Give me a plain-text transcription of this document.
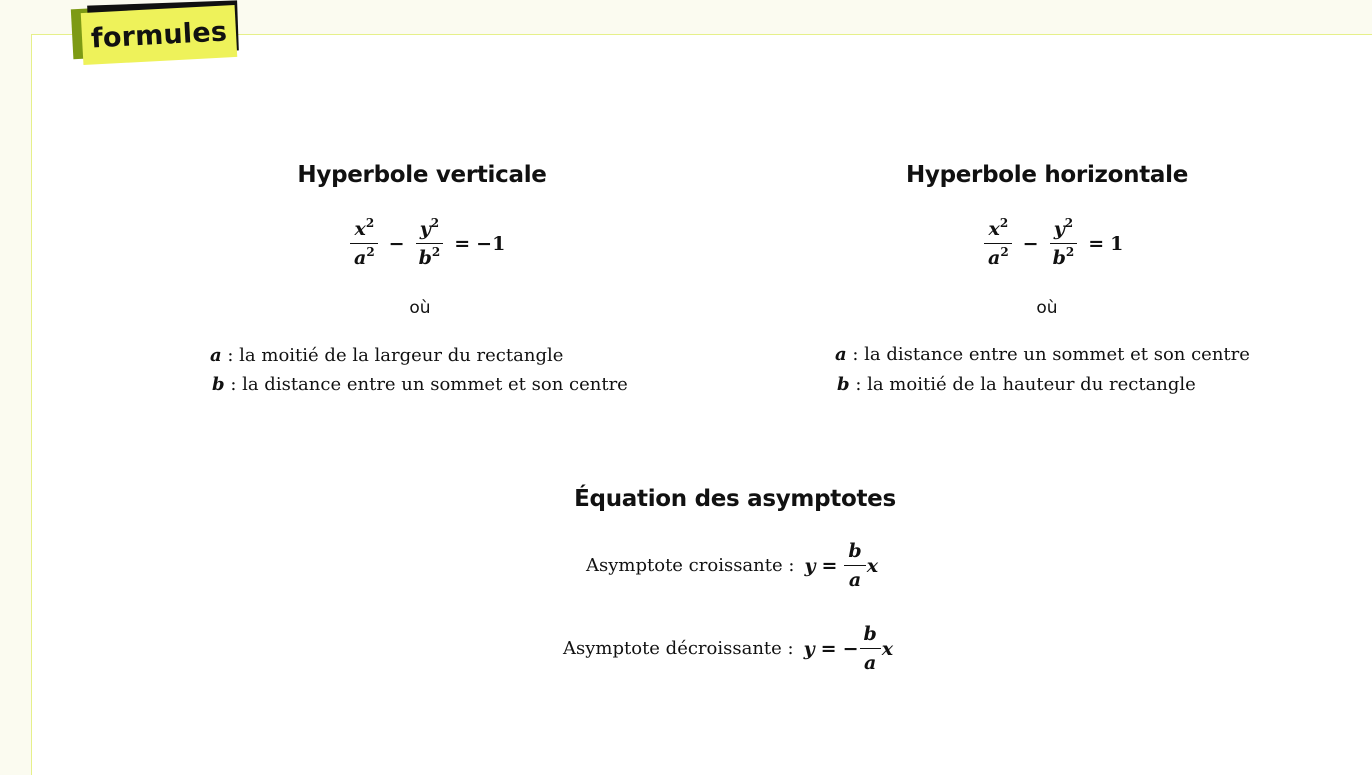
formules
Hyperbole verticale
$\frac{x^2}{a^2} - \frac{y^2}{b^2} = -1$
où
a : la moitié de la largeur du rectangle
b : la distance entre un sommet et son centre
Hyperbole horizontale
$\frac{x^2}{a^2} - \frac{y^2}{b^2} = 1$
où
a : la distance entre un sommet et son centre
b : la moitié de la hauteur du rectangle
Équation des asymptotes
Asymptote croissante : $y = \frac{b}{a}$ x
Asymptote décroissante : y = − $\frac{b}{a}$ x
